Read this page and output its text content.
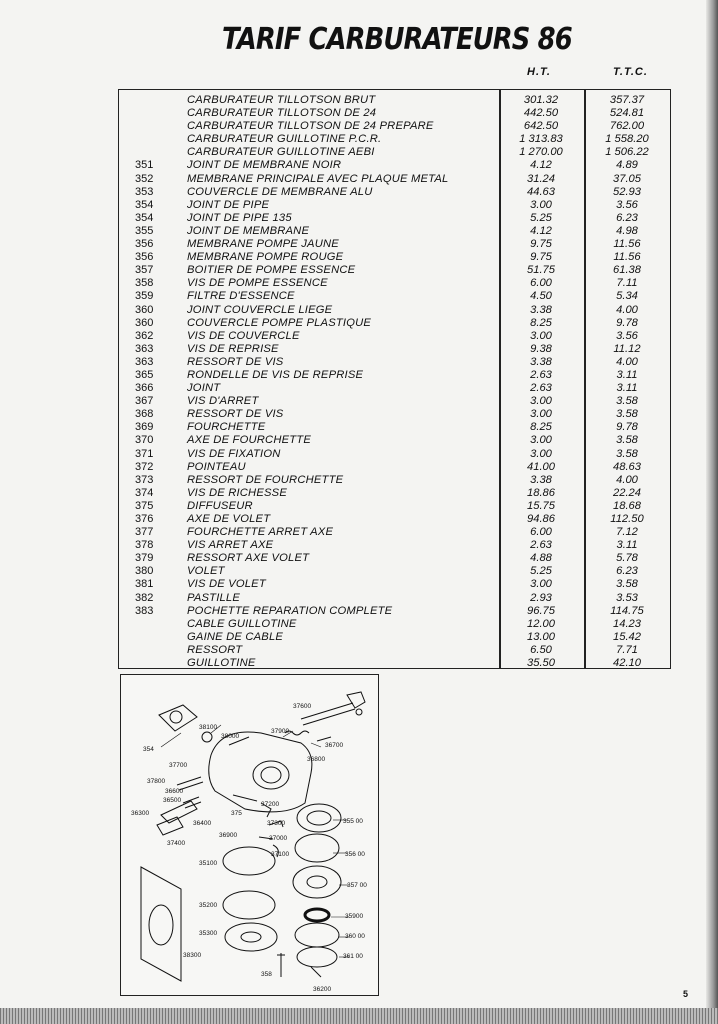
TARIF CARBURATEURS 86
H.T.	T.T.C.
CARBURATEUR TILLOTSON BRUT	301.32	357.37
CARBURATEUR TILLOTSON DE 24	442.50	524.81
CARBURATEUR TILLOTSON DE 24 PREPARE	642.50	762.00
CARBURATEUR GUILLOTINE P.C.R.	1 313.83	1 558.20
CARBURATEUR GUILLOTINE AEBI	1 270.00	1 506.22
351	JOINT DE MEMBRANE NOIR	4.12	4.89
352	MEMBRANE PRINCIPALE AVEC PLAQUE METAL	31.24	37.05
353	COUVERCLE DE MEMBRANE ALU	44.63	52.93
354	JOINT DE PIPE	3.00	3.56
354	JOINT DE PIPE 135	5.25	6.23
355	JOINT DE MEMBRANE	4.12	4.98
356	MEMBRANE POMPE JAUNE	9.75	11.56
356	MEMBRANE POMPE ROUGE	9.75	11.56
357	BOITIER DE POMPE ESSENCE	51.75	61.38
358	VIS DE POMPE ESSENCE	6.00	7.11
359	FILTRE D'ESSENCE	4.50	5.34
360	JOINT COUVERCLE LIEGE	3.38	4.00
360	COUVERCLE POMPE PLASTIQUE	8.25	9.78
362	VIS DE COUVERCLE	3.00	3.56
363	VIS DE REPRISE	9.38	11.12
363	RESSORT DE VIS	3.38	4.00
365	RONDELLE DE VIS DE REPRISE	2.63	3.11
366	JOINT	2.63	3.11
367	VIS D'ARRET	3.00	3.58
368	RESSORT DE VIS	3.00	3.58
369	FOURCHETTE	8.25	9.78
370	AXE DE FOURCHETTE	3.00	3.58
371	VIS DE FIXATION	3.00	3.58
372	POINTEAU	41.00	48.63
373	RESSORT DE FOURCHETTE	3.38	4.00
374	VIS DE RICHESSE	18.86	22.24
375	DIFFUSEUR	15.75	18.68
376	AXE DE VOLET	94.86	112.50
377	FOURCHETTE ARRET AXE	6.00	7.12
378	VIS ARRET AXE	2.63	3.11
379	RESSORT AXE VOLET	4.88	5.78
380	VOLET	5.25	6.23
381	VIS DE VOLET	3.00	3.58
382	PASTILLE	2.93	3.53
383	POCHETTE REPARATION COMPLETE	96.75	114.75
CABLE GUILLOTINE	12.00	14.23
GAINE DE CABLE	13.00	15.42
RESSORT	6.50	7.71
GUILLOTINE	35.50	42.10
37600
38100
38000
37900
354
36700
36800
37700
37800
36600
36500
36300
36400
37400
375
37200
37300
37000
36900
37100
355 00
356 00
35100
357 00
35200
35900
35300	360 00
361 00
38300
358
36200	5
